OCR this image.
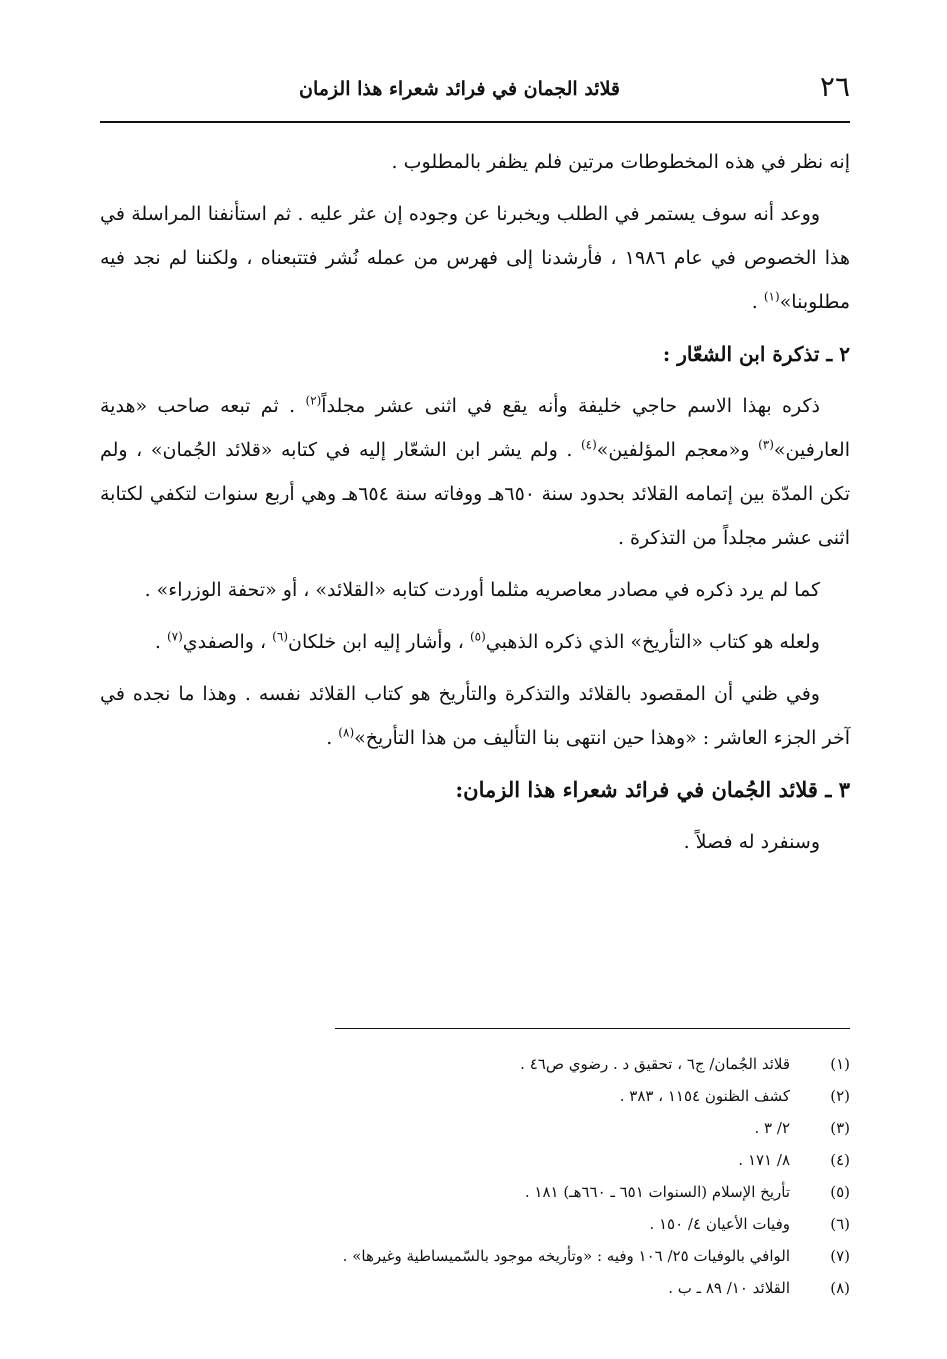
٢٦
قلائد الجمان في فرائد شعراء هذا الزمان

إنه نظر في هذه المخطوطات مرتين فلم يظفر بالمطلوب .

ووعد أنه سوف يستمر في الطلب ويخبرنا عن وجوده إن عثر عليه . ثم استأنفنا المراسلة في هذا الخصوص في عام ١٩٨٦ ، فأرشدنا إلى فهرس من عمله نُشر فتتبعناه ، ولكننا لم نجد فيه مطلوبنا»$^{(١)}$ .

٢ ـ تذكرة ابن الشعّار :

ذكره بهذا الاسم حاجي خليفة وأنه يقع في اثنى عشر مجلداً$^{(٢)}$ . ثم تبعه صاحب «هدية العارفين»$^{(٣)}$ و«معجم المؤلفين»$^{(٤)}$ . ولم يشر ابن الشعّار إليه في كتابه «قلائد الجُمان» ، ولم تكن المدّة بين إتمامه القلائد بحدود سنة ٦٥٠هـ ووفاته سنة ٦٥٤هـ وهي أربع سنوات لتكفي لكتابة اثنى عشر مجلداً من التذكرة .

كما لم يرد ذكره في مصادر معاصريه مثلما أوردت كتابه «القلائد» ، أو «تحفة الوزراء» .

ولعله هو كتاب «التأريخ» الذي ذكره الذهبي$^{(٥)}$ ، وأشار إليه ابن خلكان$^{(٦)}$ ، والصفدي$^{(٧)}$ .

وفي ظني أن المقصود بالقلائد والتذكرة والتأريخ هو كتاب القلائد نفسه . وهذا ما نجده في آخر الجزء العاشر : «وهذا حين انتهى بنا التأليف من هذا التأريخ»$^{(٨)}$ .

٣ ـ قلائد الجُمان في فرائد شعراء هذا الزمان:

وسنفرد له فصلاً .

(١)
قلائد الجُمان/ ج٦ ، تحقيق د . رضوي ص٤٦ .
(٢)
كشف الظنون ١١٥٤ ، ٣٨٣ .
(٣)
٢/ ٣ .
(٤)
٨/ ١٧١ .
(٥)
تأريخ الإسلام (السنوات ٦٥١ ـ ٦٦٠هـ) ١٨١ .
(٦)
وفيات الأعيان ٤/ ١٥٠ .
(٧)
الوافي بالوفيات ٢٥/ ١٠٦ وفيه : «وتأريخه موجود بالسّميساطية وغيرها» .
(٨)
القلائد ١٠/ ٨٩ ـ ب .
